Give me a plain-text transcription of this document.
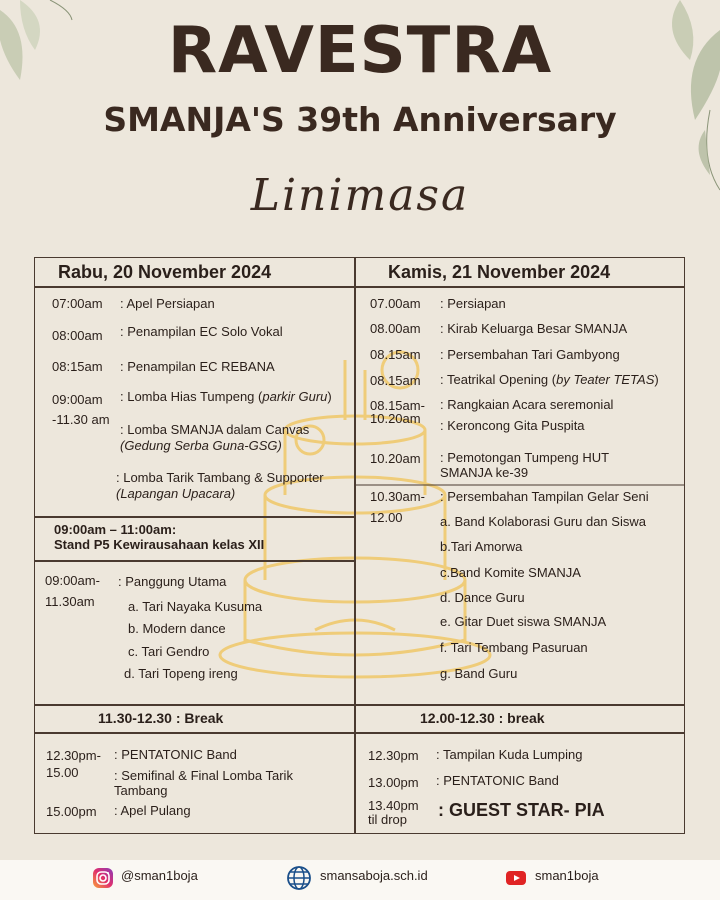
RAVESTRA
SMANJA'S 39th Anniversary
Linimasa
Rabu, 20 November 2024
07:00am : Apel Persiapan
08:00am : Penampilan EC Solo Vokal
08:15am : Penampilan EC REBANA
09:00am
-11.30 am
: Lomba Hias Tumpeng (parkir Guru)
: Lomba SMANJA dalam Canvas
(Gedung Serba Guna-GSG)
: Lomba Tarik Tambang & Supporter
(Lapangan Upacara)
09:00am – 11:00am:
Stand P5 Kewirausahaan kelas XII
09:00am-
11.30am
: Panggung Utama
a. Tari Nayaka Kusuma
b. Modern dance
c. Tari Gendro
d. Tari Topeng ireng
11.30-12.30 : Break
12.30pm-
15.00
: PENTATONIC Band
: Semifinal & Final Lomba Tarik
Tambang
15.00pm : Apel Pulang
Kamis, 21 November 2024
07.00am : Persiapan
08.00am : Kirab Keluarga Besar SMANJA
08.15am : Persembahan Tari Gambyong
08.15am : Teatrikal Opening (by Teater TETAS)
08.15am-
10.20am
: Rangkaian Acara seremonial
: Keroncong Gita Puspita
10.20am : Pemotongan Tumpeng HUT
SMANJA ke-39
10.30am-
12.00
: Persembahan Tampilan Gelar Seni
a. Band Kolaborasi Guru dan Siswa
b.Tari Amorwa
c.Band Komite SMANJA
d. Dance Guru
e. Gitar Duet siswa SMANJA
f. Tari Tembang Pasuruan
g. Band Guru
12.00-12.30 : break
12.30pm : Tampilan Kuda Lumping
13.00pm : PENTATONIC Band
13.40pm
til drop : GUEST STAR- PIA
@sman1boja	smansaboja.sch.id	sman1boja
